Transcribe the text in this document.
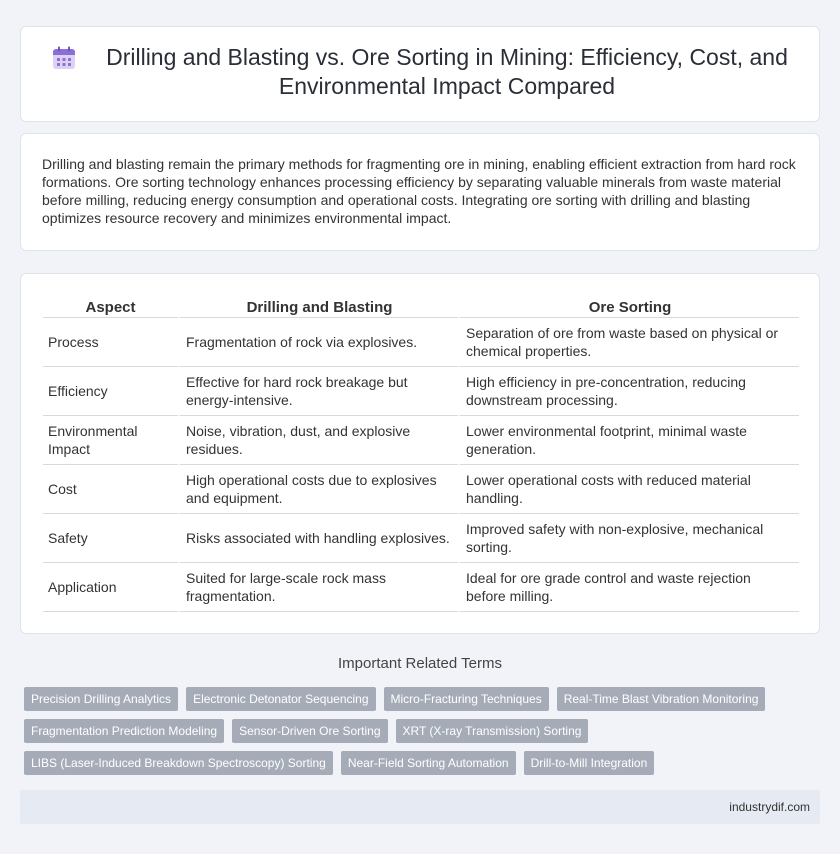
Drilling and Blasting vs. Ore Sorting in Mining: Efficiency, Cost, and Environmental Impact Compared

Drilling and blasting remain the primary methods for fragmenting ore in mining, enabling efficient extraction from hard rock formations. Ore sorting technology enhances processing efficiency by separating valuable minerals from waste material before milling, reducing energy consumption and operational costs. Integrating ore sorting with drilling and blasting optimizes resource recovery and minimizes environmental impact.

Aspect	Drilling and Blasting	Ore Sorting
Process	Fragmentation of rock via explosives.	Separation of ore from waste based on physical or chemical properties.
Efficiency	Effective for hard rock breakage but energy-intensive.	High efficiency in pre-concentration, reducing downstream processing.
Environmental Impact	Noise, vibration, dust, and explosive residues.	Lower environmental footprint, minimal waste generation.
Cost	High operational costs due to explosives and equipment.	Lower operational costs with reduced material handling.
Safety	Risks associated with handling explosives.	Improved safety with non-explosive, mechanical sorting.
Application	Suited for large-scale rock mass fragmentation.	Ideal for ore grade control and waste rejection before milling.
Important Related Terms
Precision Drilling Analytics	Electronic Detonator Sequencing	Micro-Fracturing Techniques	Real-Time Blast Vibration Monitoring
Fragmentation Prediction Modeling	Sensor-Driven Ore Sorting	XRT (X-ray Transmission) Sorting
LIBS (Laser-Induced Breakdown Spectroscopy) Sorting	Near-Field Sorting Automation	Drill-to-Mill Integration
industrydif.com
